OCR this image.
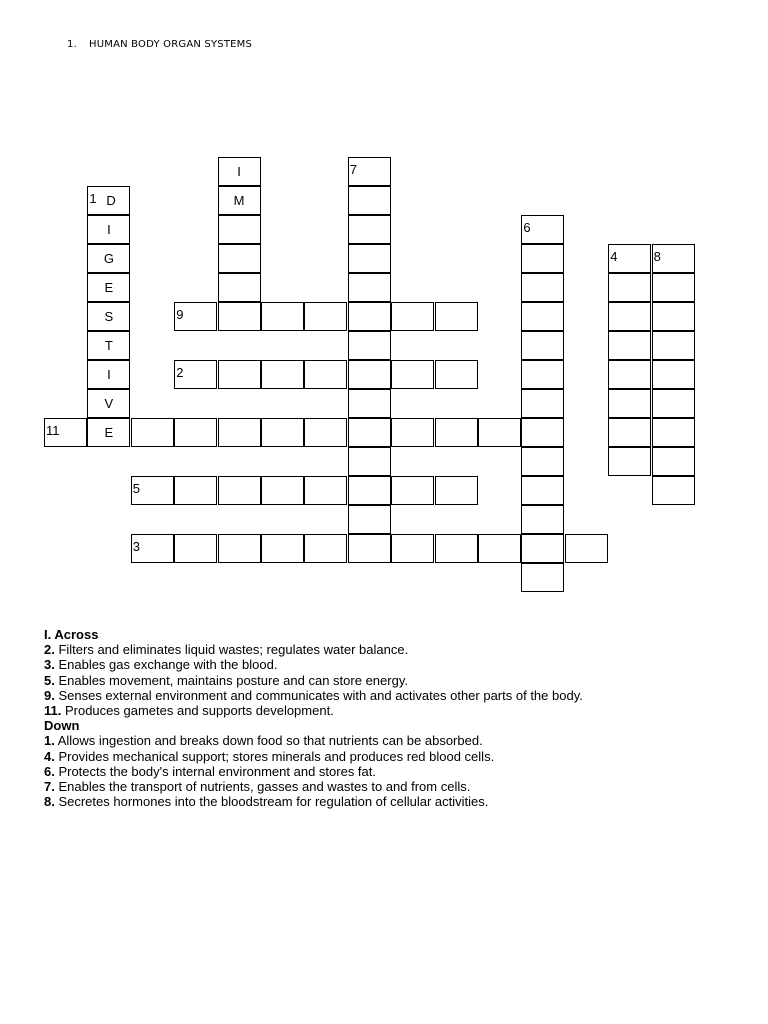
1. HUMAN BODY ORGAN SYSTEMS
I	7
1 D	M
I	6
G	4	8
E
S	9
T
I	2
V
11	E
5
3
I. Across
2. Filters and eliminates liquid wastes; regulates water balance.
3. Enables gas exchange with the blood.
5. Enables movement, maintains posture and can store energy.
9. Senses external environment and communicates with and activates other parts of the body.
11. Produces gametes and supports development.
Down
1. Allows ingestion and breaks down food so that nutrients can be absorbed.
4. Provides mechanical support; stores minerals and produces red blood cells.
6. Protects the body's internal environment and stores fat.
7. Enables the transport of nutrients, gasses and wastes to and from cells.
8. Secretes hormones into the bloodstream for regulation of cellular activities.
